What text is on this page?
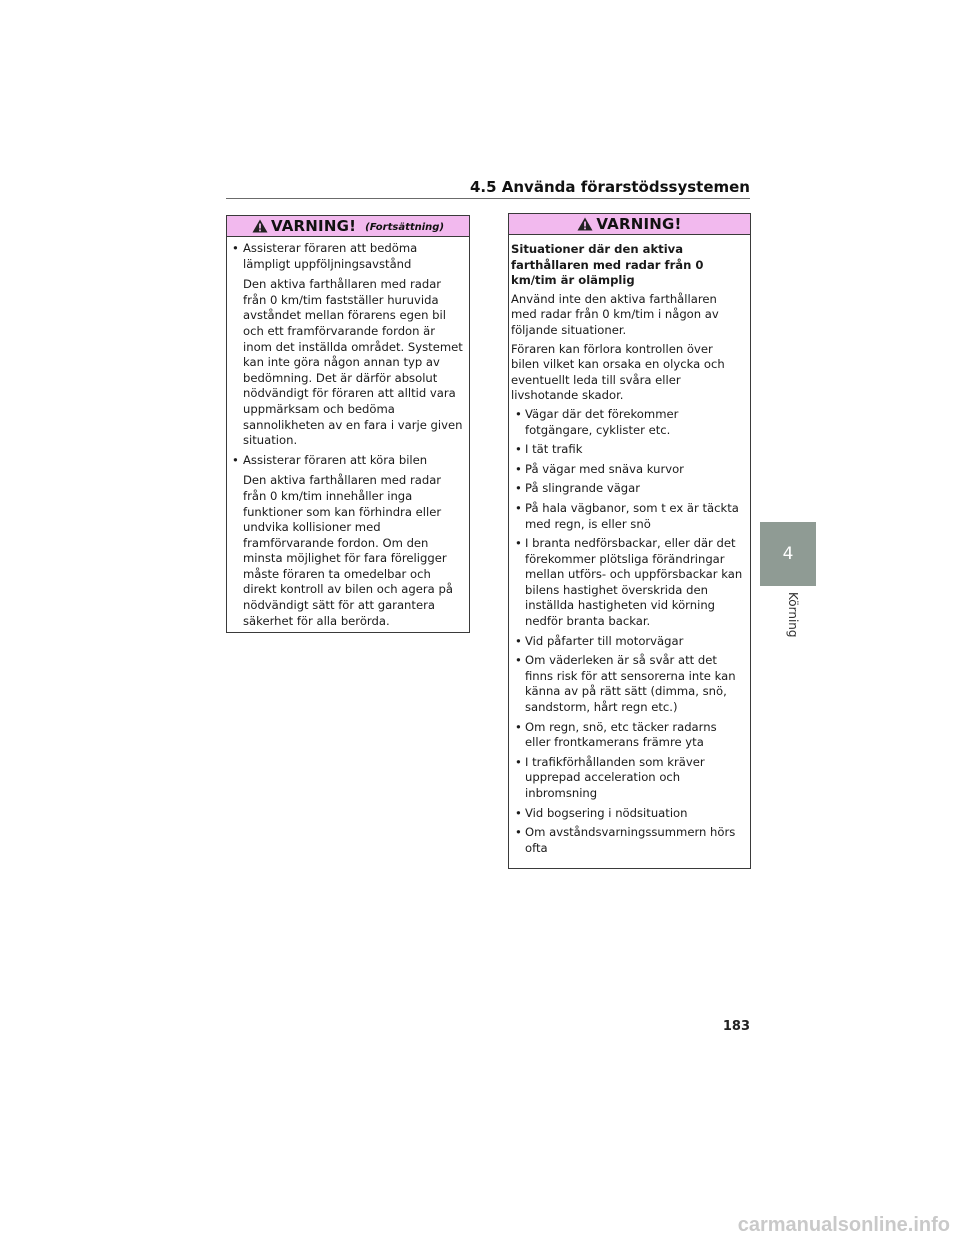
4.5 Använda förarstödssystemen
VARNING! (Fortsättning)
• Assisterar föraren att bedöma lämpligt uppföljningsavstånd
Den aktiva farthållaren med radar från 0 km/tim fastställer huruvida avståndet mellan förarens egen bil och ett framförvarande fordon är inom det inställda området. Systemet kan inte göra någon annan typ av bedömning. Det är därför absolut nödvändigt för föraren att alltid vara uppmärksam och bedöma sannolikheten av en fara i varje given situation.
• Assisterar föraren att köra bilen
Den aktiva farthållaren med radar från 0 km/tim innehåller inga funktioner som kan förhindra eller undvika kollisioner med framförvarande fordon. Om den minsta möjlighet för fara föreligger måste föraren ta omedelbar och direkt kontroll av bilen och agera på nödvändigt sätt för att garantera säkerhet för alla berörda.
VARNING!
Situationer där den aktiva farthållaren med radar från 0 km/tim är olämplig
Använd inte den aktiva farthållaren med radar från 0 km/tim i någon av följande situationer.
Föraren kan förlora kontrollen över bilen vilket kan orsaka en olycka och eventuellt leda till svåra eller livshotande skador.
• Vägar där det förekommer fotgängare, cyklister etc.
• I tät trafik
• På vägar med snäva kurvor
• På slingrande vägar
• På hala vägbanor, som t ex är täckta med regn, is eller snö
• I branta nedförsbackar, eller där det förekommer plötsliga förändringar mellan utförs- och uppförsbackar kan bilens hastighet överskrida den inställda hastigheten vid körning nedför branta backar.
• Vid påfarter till motorvägar
• Om väderleken är så svår att det finns risk för att sensorerna inte kan känna av på rätt sätt (dimma, snö, sandstorm, hårt regn etc.)
• Om regn, snö, etc täcker radarns eller frontkamerans främre yta
• I trafikförhållanden som kräver upprepad acceleration och inbromsning
• Vid bogsering i nödsituation
• Om avståndsvarningssummern hörs ofta
4
Körning
183
carmanualsonline.info
